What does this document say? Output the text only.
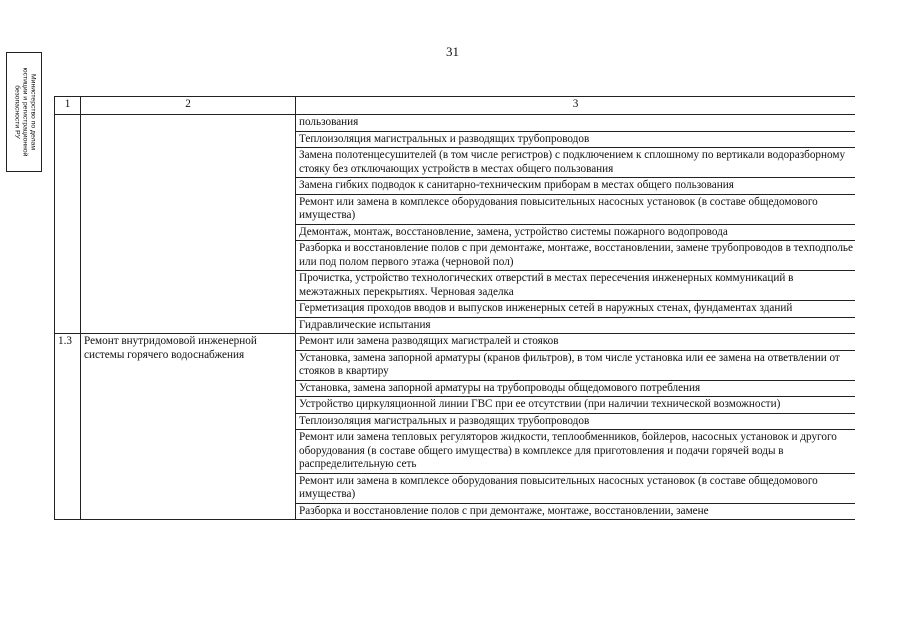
31
Министерство по делам
юстиции и регистрационной
безопасности РУ	1	2	3
		пользования
		Теплоизоляция магистральных и разводящих трубопроводов
		Замена полотенцесушителей (в том числе регистров) с подключением к сплошному по вертикали водоразборному стояку без отключающих устройств в местах общего пользования
		Замена гибких подводок к санитарно-техническим приборам в местах общего пользования
		Ремонт или замена в комплексе оборудования повысительных насосных установок (в составе общедомового имущества)
		Демонтаж, монтаж, восстановление, замена, устройство системы пожарного водопровода
		Разборка и восстановление полов с при демонтаже, монтаже, восстановлении, замене трубопроводов в техподполье или под полом первого этажа (черновой пол)
		Прочистка, устройство технологических отверстий в местах пересечения инженерных коммуникаций в межэтажных перекрытиях. Черновая заделка
		Герметизация проходов вводов и выпусков инженерных сетей в наружных стенах, фундаментах зданий
		Гидравлические испытания
1.3	Ремонт внутридомовой инженерной системы горячего водоснабжения	Ремонт или замена разводящих магистралей и стояков
		Установка, замена запорной арматуры (кранов фильтров), в том числе установка или ее замена на ответвлении от стояков в квартиру
		Установка, замена запорной арматуры на трубопроводы общедомового потребления
		Устройство циркуляционной линии ГВС при ее отсутствии (при наличии технической возможности)
		Теплоизоляция магистральных и разводящих трубопроводов
		Ремонт или замена тепловых регуляторов жидкости, теплообменников, бойлеров, насосных установок и другого оборудования (в составе общего имущества) в комплексе для приготовления и подачи горячей воды в распределительную сеть
		Ремонт или замена в комплексе оборудования повысительных насосных установок (в составе общедомового имущества)
		Разборка и восстановление полов с при демонтаже, монтаже, восстановлении, замене
